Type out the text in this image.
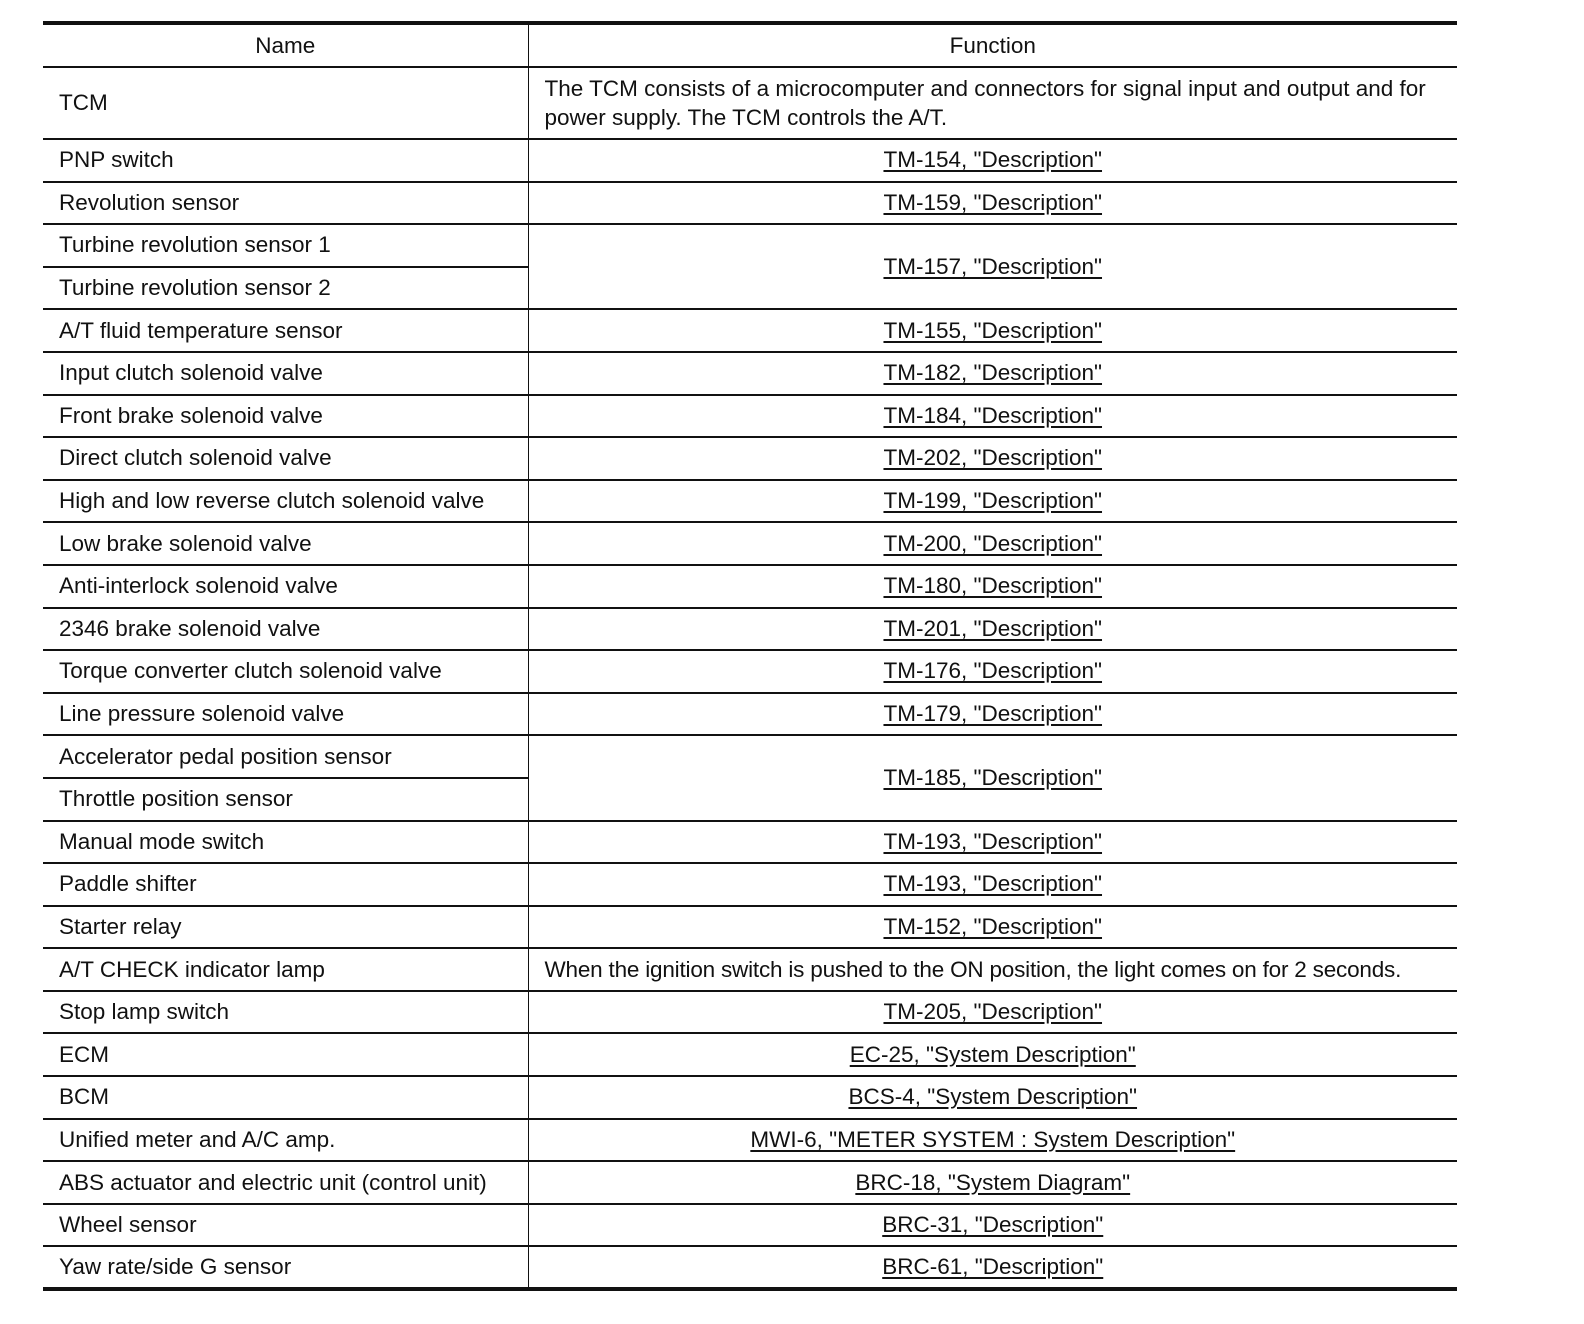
Name	Function
TCM	The TCM consists of a microcomputer and connectors for signal input and output and for power supply. The TCM controls the A/T.
PNP switch	TM-154, "Description"
Revolution sensor	TM-159, "Description"
Turbine revolution sensor 1	TM-157, "Description"
Turbine revolution sensor 2	
A/T fluid temperature sensor	TM-155, "Description"
Input clutch solenoid valve	TM-182, "Description"
Front brake solenoid valve	TM-184, "Description"
Direct clutch solenoid valve	TM-202, "Description"
High and low reverse clutch solenoid valve	TM-199, "Description"
Low brake solenoid valve	TM-200, "Description"
Anti-interlock solenoid valve	TM-180, "Description"
2346 brake solenoid valve	TM-201, "Description"
Torque converter clutch solenoid valve	TM-176, "Description"
Line pressure solenoid valve	TM-179, "Description"
Accelerator pedal position sensor	TM-185, "Description"
Throttle position sensor	
Manual mode switch	TM-193, "Description"
Paddle shifter	TM-193, "Description"
Starter relay	TM-152, "Description"
A/T CHECK indicator lamp	When the ignition switch is pushed to the ON position, the light comes on for 2 seconds.
Stop lamp switch	TM-205, "Description"
ECM	EC-25, "System Description"
BCM	BCS-4, "System Description"
Unified meter and A/C amp.	MWI-6, "METER SYSTEM : System Description"
ABS actuator and electric unit (control unit)	BRC-18, "System Diagram"
Wheel sensor	BRC-31, "Description"
Yaw rate/side G sensor	BRC-61, "Description"
